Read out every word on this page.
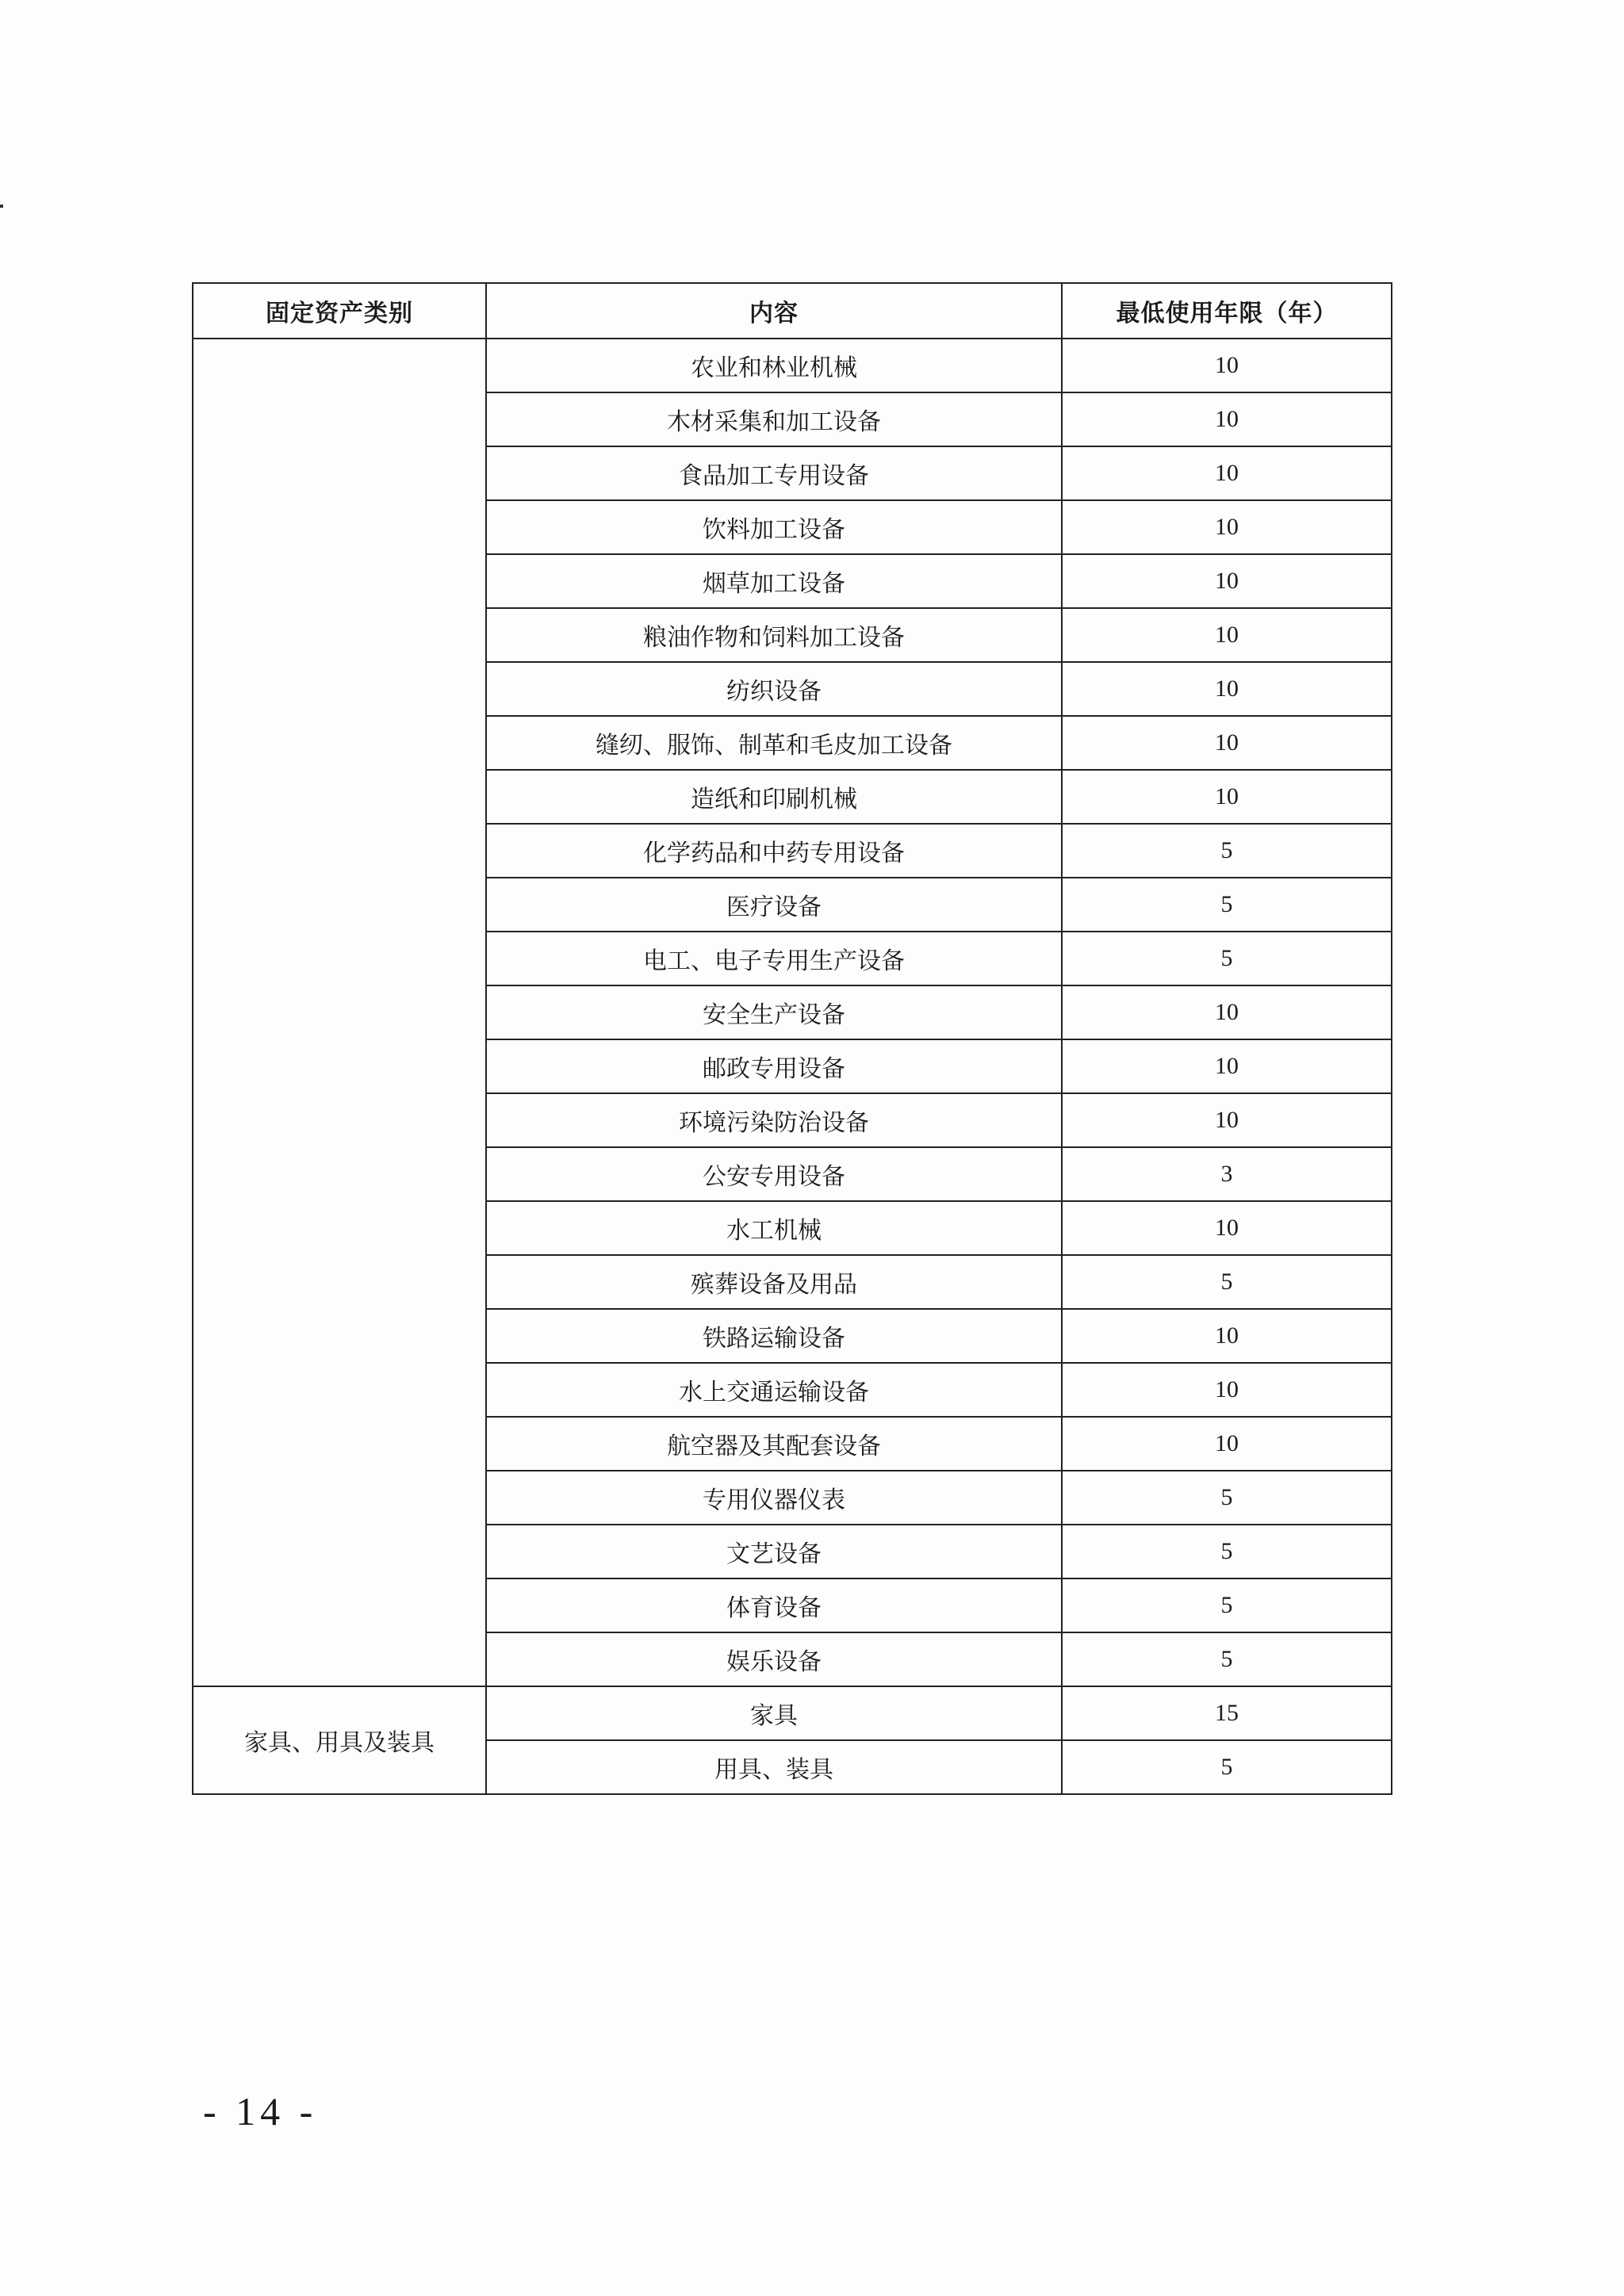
固定资产类别	内容	最低使用年限（年）
	农业和林业机械	10
	木材采集和加工设备	10
	食品加工专用设备	10
	饮料加工设备	10
	烟草加工设备	10
	粮油作物和饲料加工设备	10
	纺织设备	10
	缝纫、服饰、制革和毛皮加工设备	10
	造纸和印刷机械	10
	化学药品和中药专用设备	5
	医疗设备	5
	电工、电子专用生产设备	5
	安全生产设备	10
	邮政专用设备	10
	环境污染防治设备	10
	公安专用设备	3
	水工机械	10
	殡葬设备及用品	5
	铁路运输设备	10
	水上交通运输设备	10
	航空器及其配套设备	10
	专用仪器仪表	5
	文艺设备	5
	体育设备	5
	娱乐设备	5
家具、用具及装具	家具	15
	用具、装具	5
- 14 -
